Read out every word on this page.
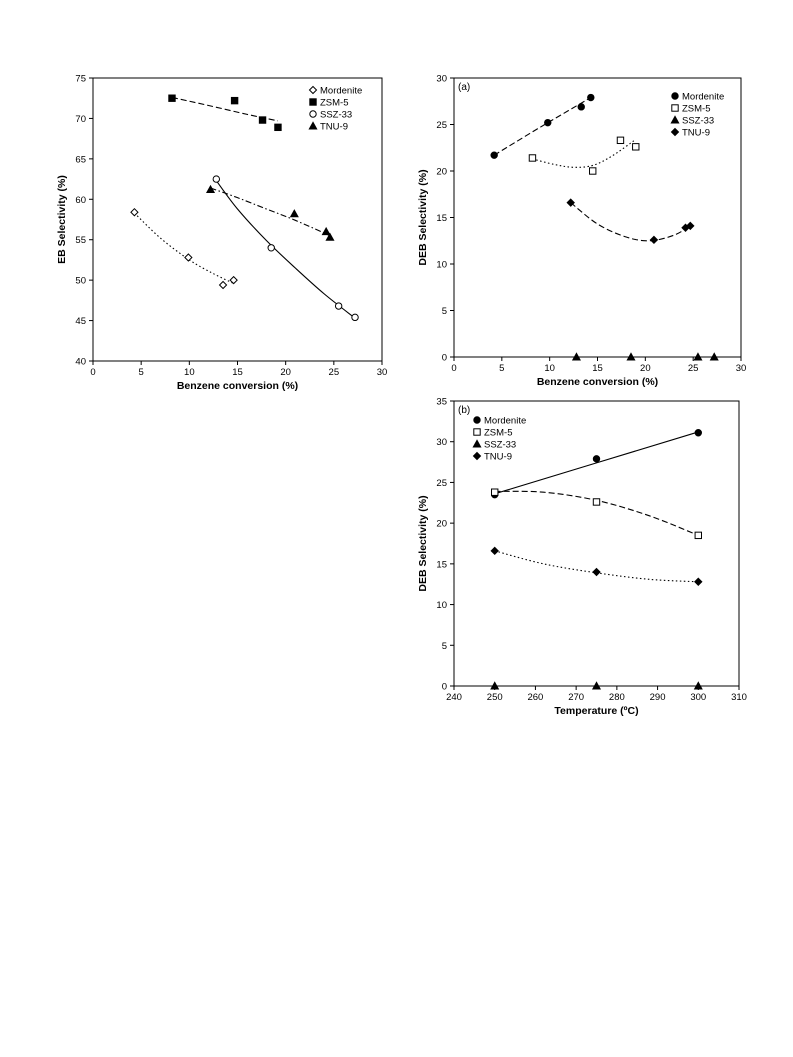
0	5	10	15	20	25	30
40
45
50
55
60
65
70
75
Benzene conversion (%)
EB Selectivity (%)
Mordenite
ZSM-5
SSZ-33
TNU-9
0	5	10	15	20	25	30
0
5
10
15
20
25
30
Benzene conversion (%)
DEB Selectivity (%)
(a)
Mordenite
ZSM-5
SSZ-33
TNU-9
240	250	260	270	280	290	300	310
0
5
10
15
20
25
30
35
Temperature (ºC)
DEB Selectivity (%)
(b)
Mordenite
ZSM-5
SSZ-33
TNU-9
